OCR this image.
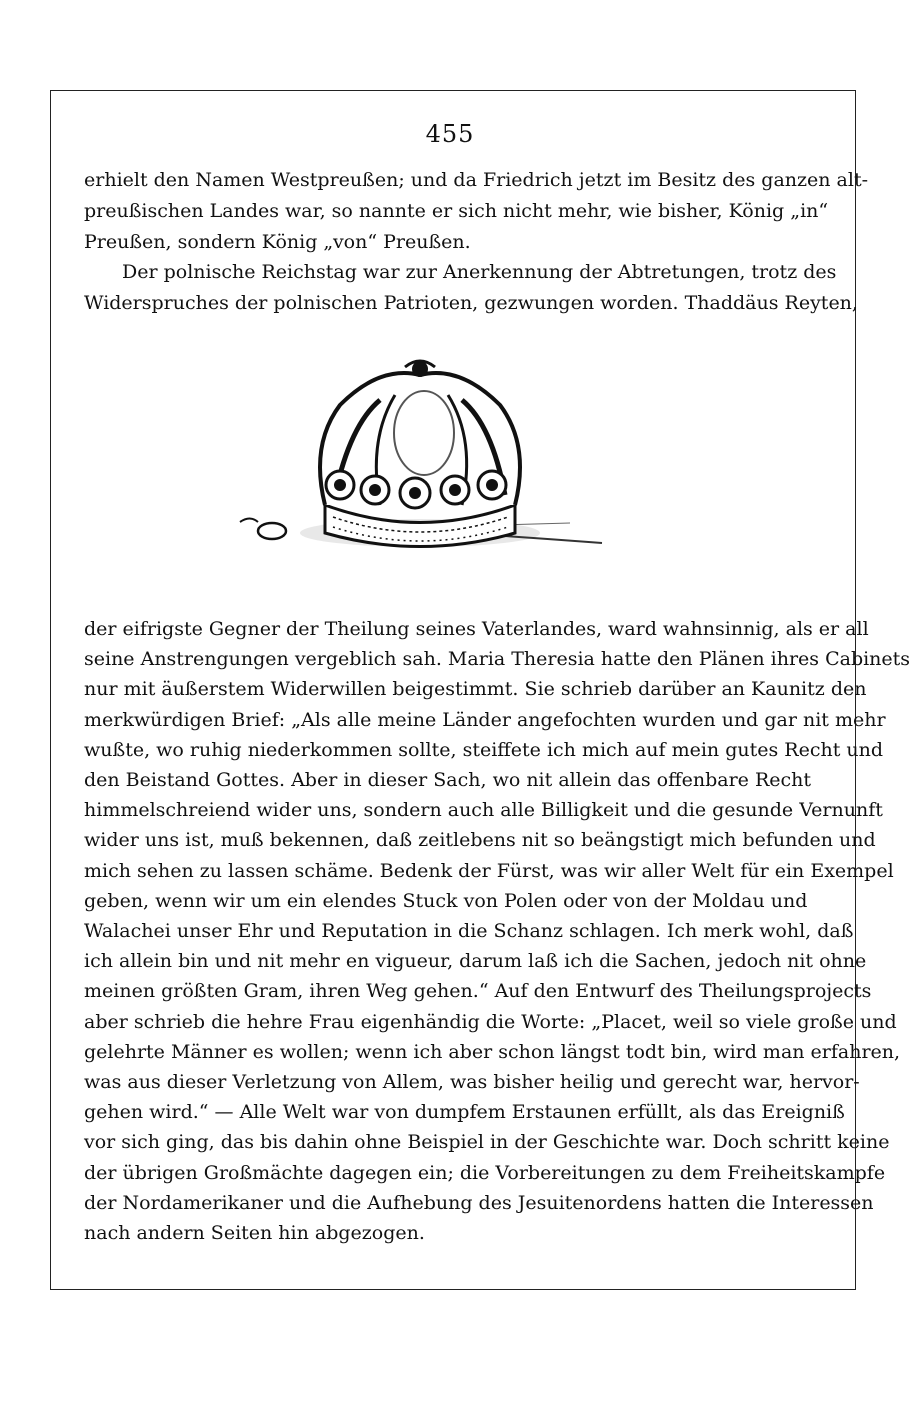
455
erhielt den Namen Westpreußen; und da Friedrich jetzt im Besitz des ganzen alt-
preußischen Landes war, so nannte er sich nicht mehr, wie bisher, König „in“
Preußen, sondern König „von“ Preußen.
Der polnische Reichstag war zur Anerkennung der Abtretungen, trotz des
Widerspruches der polnischen Patrioten, gezwungen worden. Thaddäus Reyten,
der eifrigste Gegner der Theilung seines Vaterlandes, ward wahnsinnig, als er all
seine Anstrengungen vergeblich sah. Maria Theresia hatte den Plänen ihres Cabinets
nur mit äußerstem Widerwillen beigestimmt. Sie schrieb darüber an Kaunitz den
merkwürdigen Brief: „Als alle meine Länder angefochten wurden und gar nit mehr
wußte, wo ruhig niederkommen sollte, steiffete ich mich auf mein gutes Recht und
den Beistand Gottes. Aber in dieser Sach, wo nit allein das offenbare Recht
himmelschreiend wider uns, sondern auch alle Billigkeit und die gesunde Vernunft
wider uns ist, muß bekennen, daß zeitlebens nit so beängstigt mich befunden und
mich sehen zu lassen schäme. Bedenk der Fürst, was wir aller Welt für ein Exempel
geben, wenn wir um ein elendes Stuck von Polen oder von der Moldau und
Walachei unser Ehr und Reputation in die Schanz schlagen. Ich merk wohl, daß
ich allein bin und nit mehr en vigueur, darum laß ich die Sachen, jedoch nit ohne
meinen größten Gram, ihren Weg gehen.“ Auf den Entwurf des Theilungsprojects
aber schrieb die hehre Frau eigenhändig die Worte: „Placet, weil so viele große und
gelehrte Männer es wollen; wenn ich aber schon längst todt bin, wird man erfahren,
was aus dieser Verletzung von Allem, was bisher heilig und gerecht war, hervor-
gehen wird.“ — Alle Welt war von dumpfem Erstaunen erfüllt, als das Ereigniß
vor sich ging, das bis dahin ohne Beispiel in der Geschichte war. Doch schritt keine
der übrigen Großmächte dagegen ein; die Vorbereitungen zu dem Freiheitskampfe
der Nordamerikaner und die Aufhebung des Jesuitenordens hatten die Interessen
nach andern Seiten hin abgezogen.
